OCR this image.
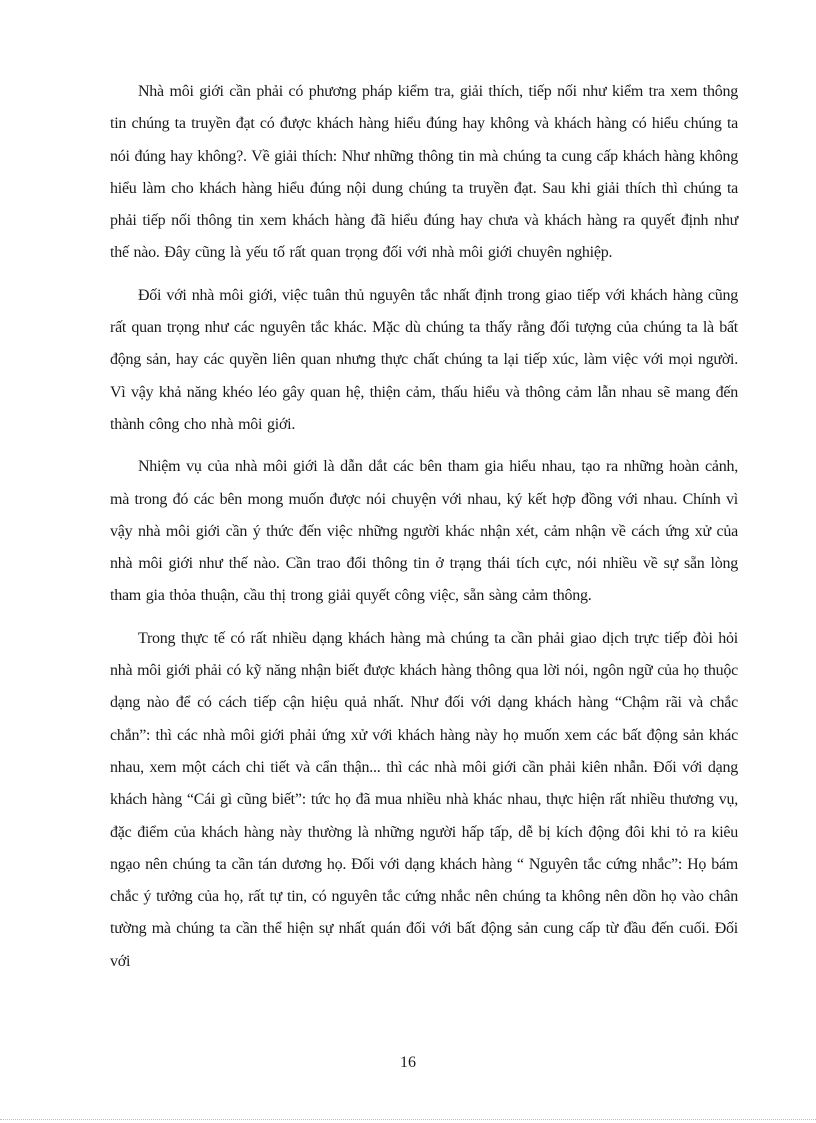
Nhà môi giới cần phải có phương pháp kiểm tra, giải thích, tiếp nối như kiểm tra xem thông tin chúng ta truyền đạt có được khách hàng hiểu đúng hay không và khách hàng có hiểu chúng ta nói đúng hay không?. Về giải thích: Như những thông tin mà chúng ta cung cấp khách hàng không hiểu làm cho khách hàng hiểu đúng nội dung chúng ta truyền đạt. Sau khi giải thích thì chúng ta phải tiếp nối thông tin xem khách hàng đã hiểu đúng hay chưa và khách hàng ra quyết định như thế nào. Đây cũng là yếu tố rất quan trọng đối với nhà môi giới chuyên nghiệp.

Đối với nhà môi giới, việc tuân thủ nguyên tắc nhất định trong giao tiếp với khách hàng cũng rất quan trọng như các nguyên tắc khác. Mặc dù chúng ta thấy rằng đối tượng của chúng ta là bất động sản, hay các quyền liên quan nhưng thực chất chúng ta lại tiếp xúc, làm việc với mọi người. Vì vậy khả năng khéo léo gây quan hệ, thiện cảm, thấu hiểu và thông cảm lẫn nhau sẽ mang đến thành công cho nhà môi giới.

Nhiệm vụ của nhà môi giới là dẫn dắt các bên tham gia hiểu nhau, tạo ra những hoàn cảnh, mà trong đó các bên mong muốn được nói chuyện với nhau, ký kết hợp đồng với nhau. Chính vì vậy nhà môi giới cần ý thức đến việc những người khác nhận xét, cảm nhận về cách ứng xử của nhà môi giới như thế nào. Cần trao đổi thông tin ở trạng thái tích cực, nói nhiều về sự sẵn lòng tham gia thỏa thuận, cầu thị trong giải quyết công việc, sẵn sàng cảm thông.

Trong thực tế có rất nhiều dạng khách hàng mà chúng ta cần phải giao dịch trực tiếp đòi hỏi nhà môi giới phải có kỹ năng nhận biết được khách hàng thông qua lời nói, ngôn ngữ của họ thuộc dạng nào để có cách tiếp cận hiệu quả nhất. Như đối với dạng khách hàng “Chậm rãi và chắc chắn”: thì các nhà môi giới phải ứng xử với khách hàng này họ muốn xem các bất động sản khác nhau, xem một cách chi tiết và cẩn thận... thì các nhà môi giới cần phải kiên nhẫn. Đối với dạng khách hàng “Cái gì cũng biết”: tức họ đã mua nhiều nhà khác nhau, thực hiện rất nhiều thương vụ, đặc điểm của khách hàng này thường là những người hấp tấp, dễ bị kích động đôi khi tỏ ra kiêu ngạo nên chúng ta cần tán dương họ. Đối với dạng khách hàng “ Nguyên tắc cứng nhắc”: Họ bám chắc ý tưởng của họ, rất tự tin, có nguyên tắc cứng nhắc nên chúng ta không nên dồn họ vào chân tường mà chúng ta cần thể hiện sự nhất quán đối với bất động sản cung cấp từ đầu đến cuối. Đối với

16
